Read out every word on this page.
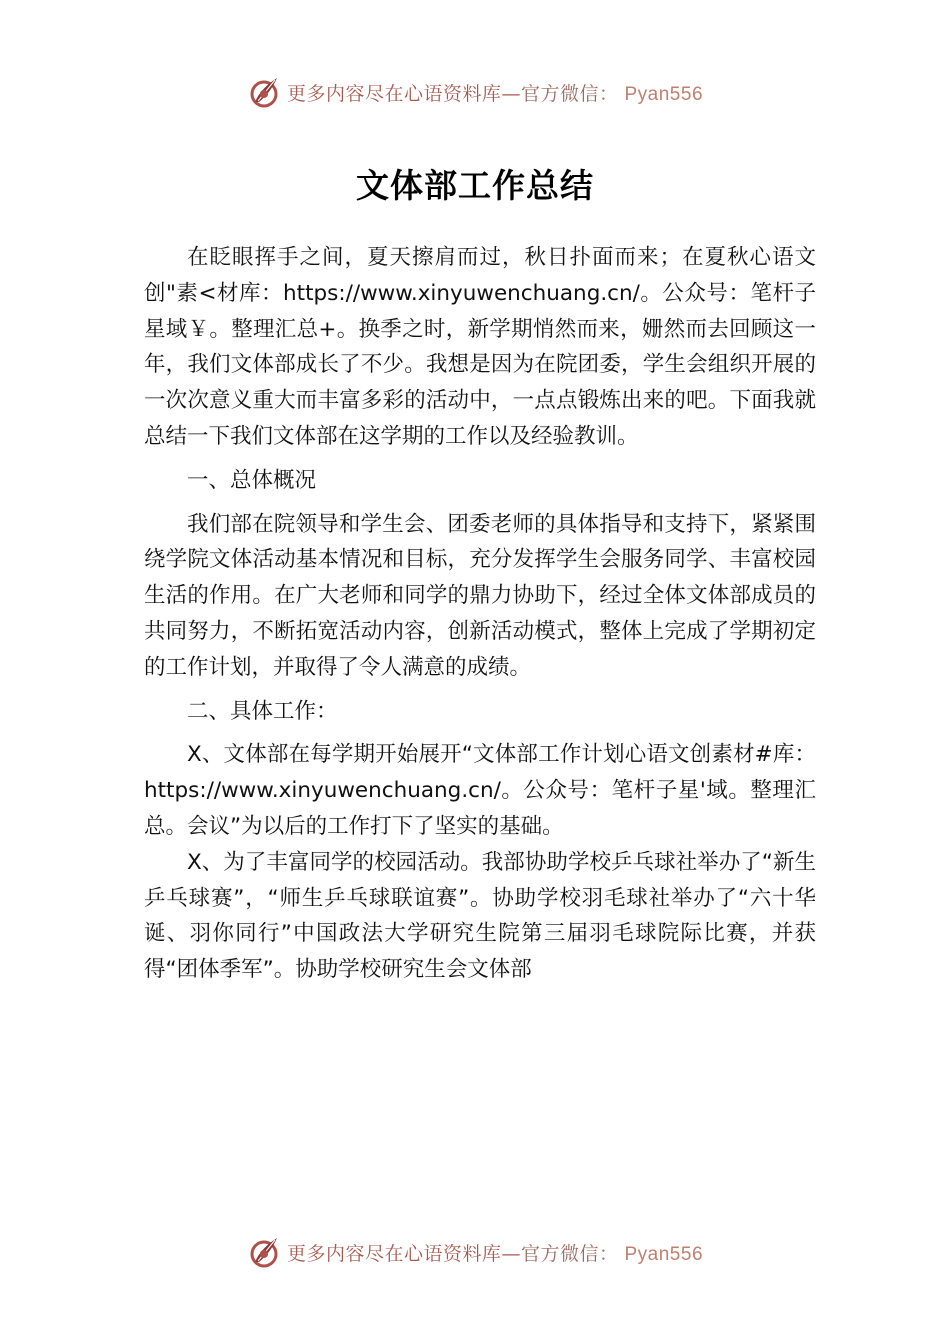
更多内容尽在心语资料库—官方微信： Pyan556
文体部工作总结

在眨眼挥手之间，夏天擦肩而过，秋日扑面而来；在夏秋心语文创"素<材库：https://www.xinyuwenchuang.cn/。公众号：笔杆子星域￥。整理汇总+。换季之时，新学期悄然而来，姗然而去回顾这一年，我们文体部成长了不少。我想是因为在院团委，学生会组织开展的一次次意义重大而丰富多彩的活动中，一点点锻炼出来的吧。下面我就总结一下我们文体部在这学期的工作以及经验教训。

一、总体概况

我们部在院领导和学生会、团委老师的具体指导和支持下，紧紧围绕学院文体活动基本情况和目标，充分发挥学生会服务同学、丰富校园生活的作用。在广大老师和同学的鼎力协助下，经过全体文体部成员的共同努力，不断拓宽活动内容，创新活动模式，整体上完成了学期初定的工作计划，并取得了令人满意的成绩。

二、具体工作：

X、文体部在每学期开始展开“文体部工作计划心语文创素材#库：https://www.xinyuwenchuang.cn/。公众号：笔杆子星'域。整理汇总。会议”为以后的工作打下了坚实的基础。

X、为了丰富同学的校园活动。我部协助学校乒乓球社举办了“新生乒乓球赛”，“师生乒乓球联谊赛”。协助学校羽毛球社举办了“六十华诞、羽你同行”中国政法大学研究生院第三届羽毛球院际比赛，并获得“团体季军”。协助学校研究生会文体部

更多内容尽在心语资料库—官方微信： Pyan556
